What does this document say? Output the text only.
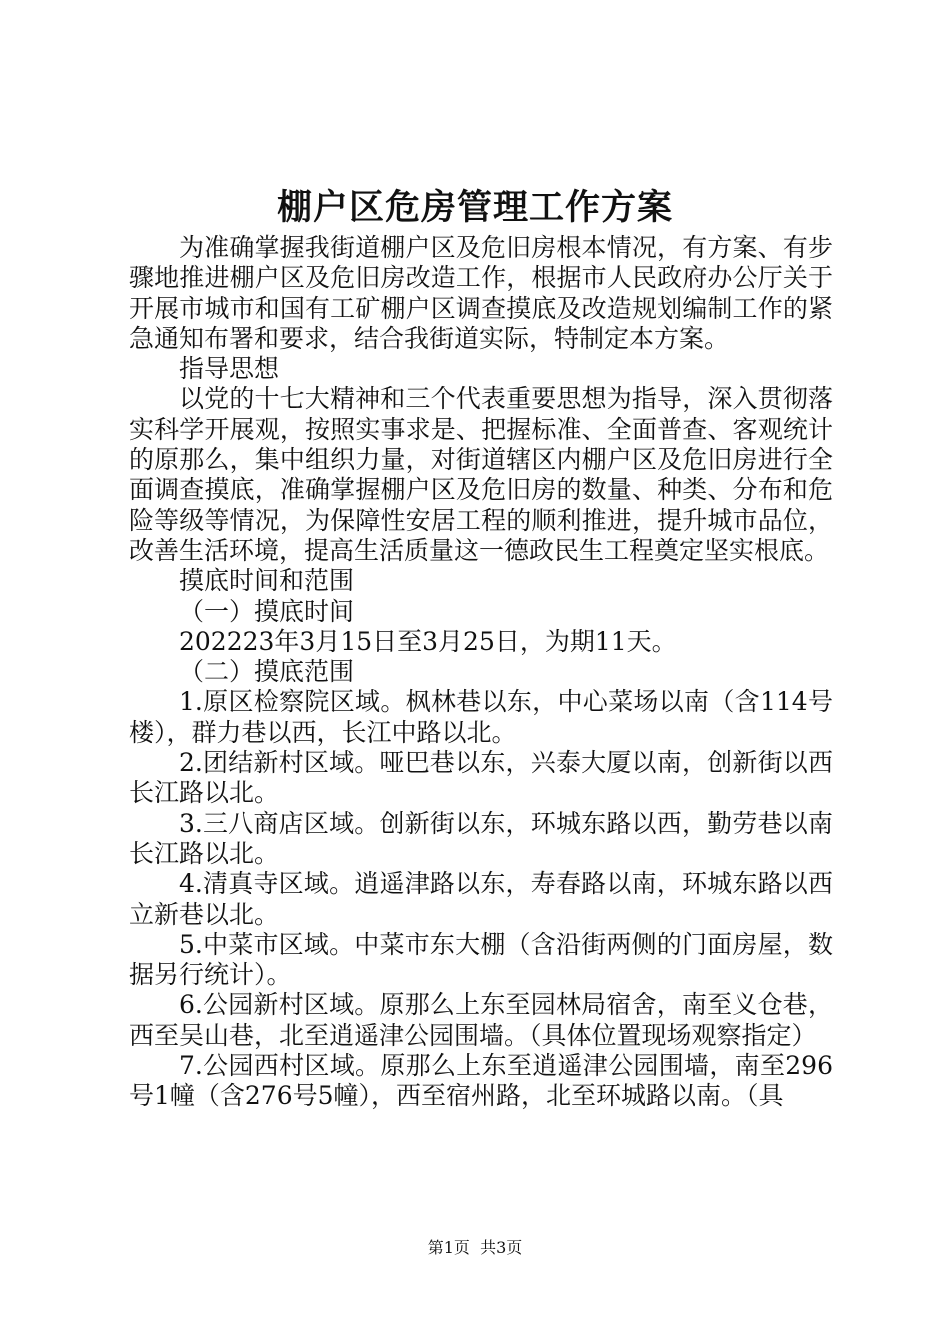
棚户区危房管理工作方案

为准确掌握我街道棚户区及危旧房根本情况，有方案、有步骤地推进棚户区及危旧房改造工作，根据市人民政府办公厅关于开展市城市和国有工矿棚户区调查摸底及改造规划编制工作的紧急通知布署和要求，结合我街道实际，特制定本方案。

指导思想

以党的十七大精神和三个代表重要思想为指导，深入贯彻落实科学开展观，按照实事求是、把握标准、全面普查、客观统计的原那么，集中组织力量，对街道辖区内棚户区及危旧房进行全面调查摸底，准确掌握棚户区及危旧房的数量、种类、分布和危险等级等情况，为保障性安居工程的顺利推进，提升城市品位，改善生活环境，提高生活质量这一德政民生工程奠定坚实根底。

摸底时间和范围

（一）摸底时间

202223年3月15日至3月25日，为期11天。

（二）摸底范围

1.原区检察院区域。枫林巷以东，中心菜场以南（含114号楼），群力巷以西，长江中路以北。

2.团结新村区域。哑巴巷以东，兴泰大厦以南，创新街以西长江路以北。

3.三八商店区域。创新街以东，环城东路以西，勤劳巷以南长江路以北。

4.清真寺区域。逍遥津路以东，寿春路以南，环城东路以西立新巷以北。

5.中菜市区域。中菜市东大棚（含沿街两侧的门面房屋，数据另行统计）。

6.公园新村区域。原那么上东至园林局宿舍，南至义仓巷，西至吴山巷，北至逍遥津公园围墙。（具体位置现场观察指定）

7.公园西村区域。原那么上东至逍遥津公园围墙，南至296号1幢（含276号5幢），西至宿州路，北至环城路以南。（具

第1页 共3页
